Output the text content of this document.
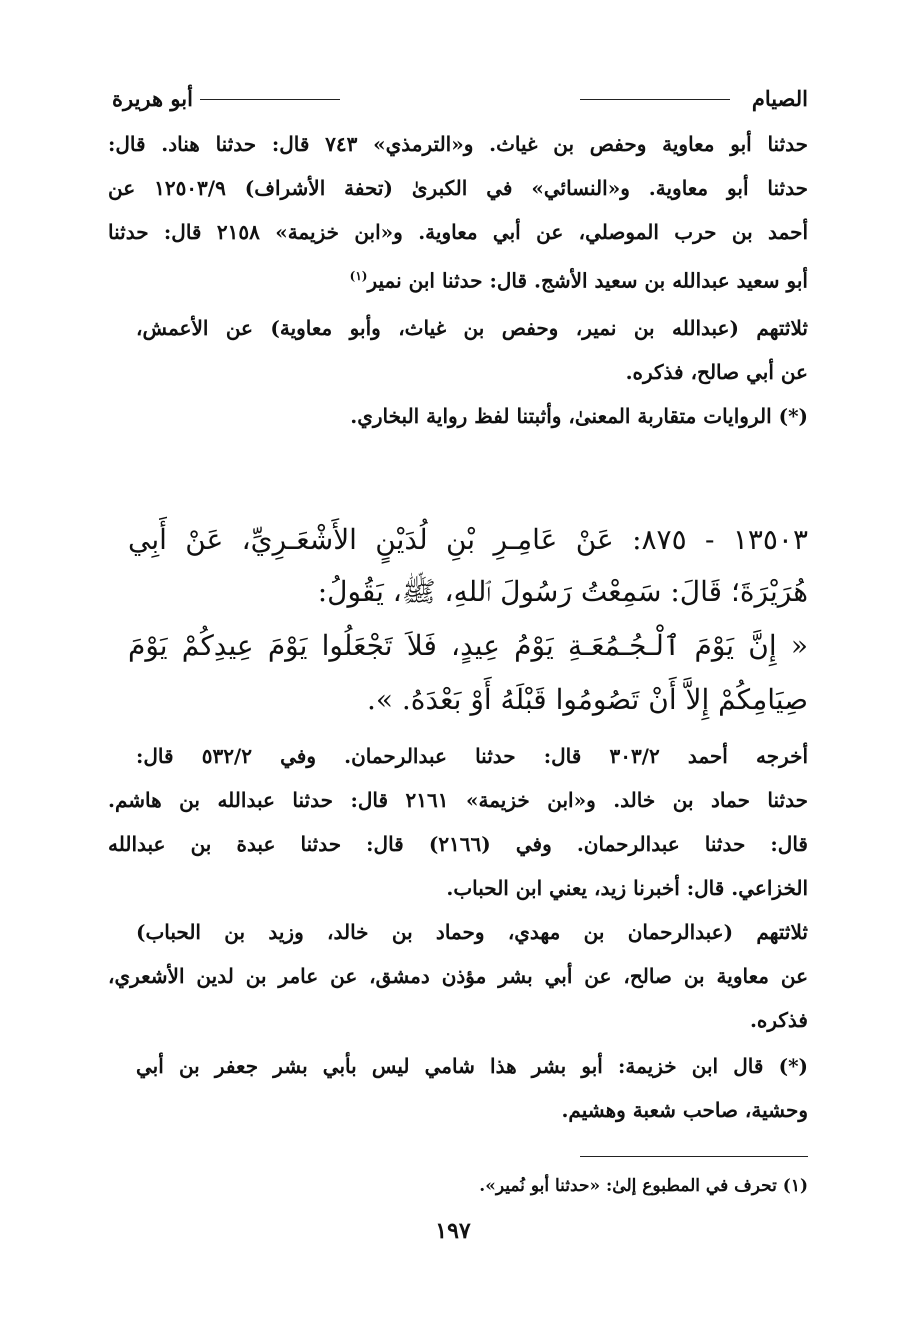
الصيام
أبو هريرة
حدثنا أبو معاوية وحفص بن غياث. و«الترمذي» ٧٤٣ قال: حدثنا هناد. قال:
حدثنا أبو معاوية. و«النسائي» في الكبرىٰ (تحفة الأشراف) ١٢٥٠٣/٩ عن
أحمد بن حرب الموصلي، عن أبي معاوية. و«ابن خزيمة» ٢١٥٨ قال: حدثنا
أبو سعيد عبدالله بن سعيد الأشج. قال: حدثنا ابن نمير$^{(١)}$
ثلاثتهم (عبدالله بن نمير، وحفص بن غياث، وأبو معاوية) عن الأعمش،
عن أبي صالح، فذكره.
(*) الروايات متقاربة المعنىٰ، وأثبتنا لفظ رواية البخاري.
١٣٥٠٣ - ٨٧٥: عَنْ عَامِـرِ بْنِ لُدَيْنٍ الأَشْعَـرِيِّ، عَنْ أَبِي
هُرَيْرَةَ؛ قَالَ: سَمِعْتُ رَسُولَ ٱللهِ، ﷺ، يَقُولُ:
« إِنَّ يَوْمَ ٱلْـجُـمُعَـةِ يَوْمُ عِيدٍ، فَلاَ تَجْعَلُوا يَوْمَ عِيدِكُمْ يَوْمَ
صِيَامِكُمْ إِلاَّ أَنْ تَصُومُوا قَبْلَهُ أَوْ بَعْدَهُ. ».
أخرجه أحمد ٣٠٣/٢ قال: حدثنا عبدالرحمان. وفي ٥٣٢/٢ قال:
حدثنا حماد بن خالد. و«ابن خزيمة» ٢١٦١ قال: حدثنا عبدالله بن هاشم.
قال: حدثنا عبدالرحمان. وفي (٢١٦٦) قال: حدثنا عبدة بن عبدالله
الخزاعي. قال: أخبرنا زيد، يعني ابن الحباب.
ثلاثتهم (عبدالرحمان بن مهدي، وحماد بن خالد، وزيد بن الحباب)
عن معاوية بن صالح، عن أبي بشر مؤذن دمشق، عن عامر بن لدين الأشعري،
فذكره.
(*) قال ابن خزيمة: أبو بشر هذا شامي ليس بأبي بشر جعفر بن أبي
وحشية، صاحب شعبة وهشيم.
(١) تحرف في المطبوع إلىٰ: «حدثنا أبو نُمير».
١٩٧
